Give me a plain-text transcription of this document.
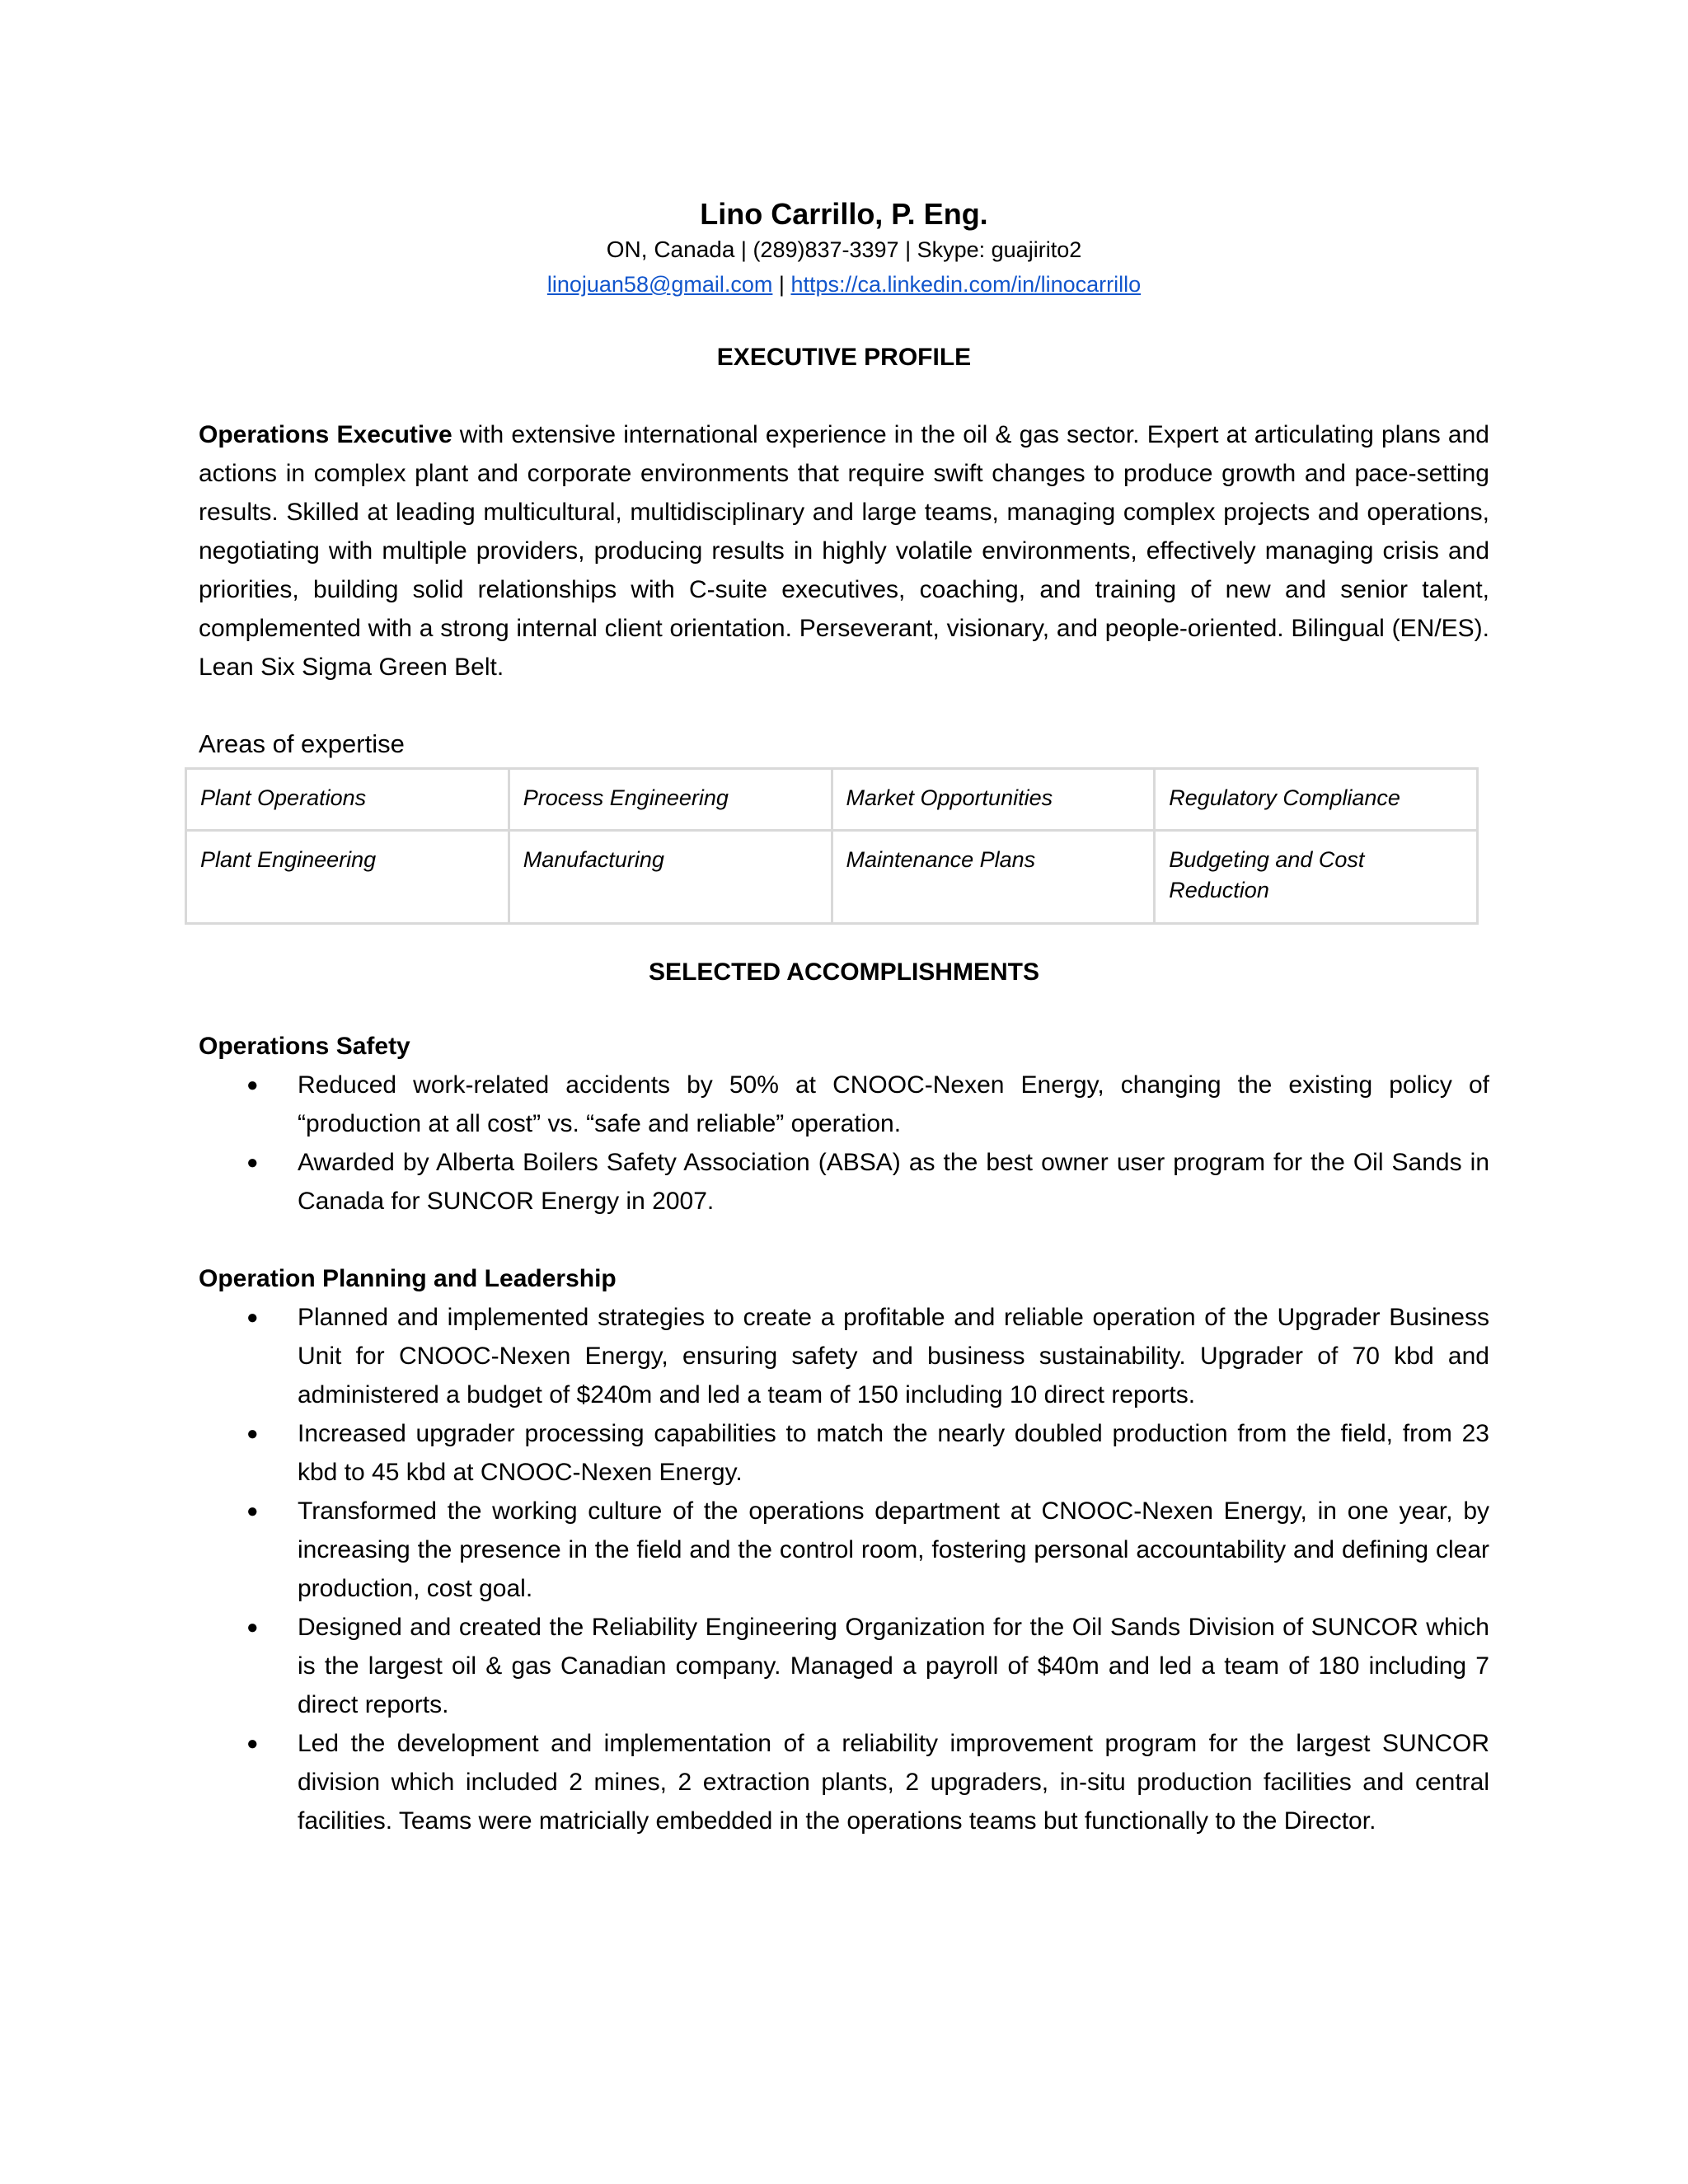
Lino Carrillo, P. Eng.
ON, Canada | (289)837-3397 | Skype: guajirito2
linojuan58@gmail.com | https://ca.linkedin.com/in/linocarrillo
EXECUTIVE PROFILE
Operations Executive with extensive international experience in the oil & gas sector. Expert at articulating plans and actions in complex plant and corporate environments that require swift changes to produce growth and pace-setting results. Skilled at leading multicultural, multidisciplinary and large teams, managing complex projects and operations, negotiating with multiple providers, producing results in highly volatile environments, effectively managing crisis and priorities, building solid relationships with C-suite executives, coaching, and training of new and senior talent, complemented with a strong internal client orientation. Perseverant, visionary, and people-oriented. Bilingual (EN/ES). Lean Six Sigma Green Belt.
Areas of expertise
Plant Operations	Process Engineering	Market Opportunities	Regulatory Compliance
Plant Engineering	Manufacturing	Maintenance Plans	Budgeting and Cost Reduction
SELECTED ACCOMPLISHMENTS
Operations Safety
● Reduced work-related accidents by 50% at CNOOC-Nexen Energy, changing the existing policy of “production at all cost” vs. “safe and reliable” operation.
● Awarded by Alberta Boilers Safety Association (ABSA) as the best owner user program for the Oil Sands in Canada for SUNCOR Energy in 2007.
Operation Planning and Leadership
● Planned and implemented strategies to create a profitable and reliable operation of the Upgrader Business Unit for CNOOC-Nexen Energy, ensuring safety and business sustainability. Upgrader of 70 kbd and administered a budget of $240m and led a team of 150 including 10 direct reports.
● Increased upgrader processing capabilities to match the nearly doubled production from the field, from 23 kbd to 45 kbd at CNOOC-Nexen Energy.
● Transformed the working culture of the operations department at CNOOC-Nexen Energy, in one year, by increasing the presence in the field and the control room, fostering personal accountability and defining clear production, cost goal.
● Designed and created the Reliability Engineering Organization for the Oil Sands Division of SUNCOR which is the largest oil & gas Canadian company. Managed a payroll of $40m and led a team of 180 including 7 direct reports.
● Led the development and implementation of a reliability improvement program for the largest SUNCOR division which included 2 mines, 2 extraction plants, 2 upgraders, in-situ production facilities and central facilities. Teams were matricially embedded in the operations teams but functionally to the Director.
